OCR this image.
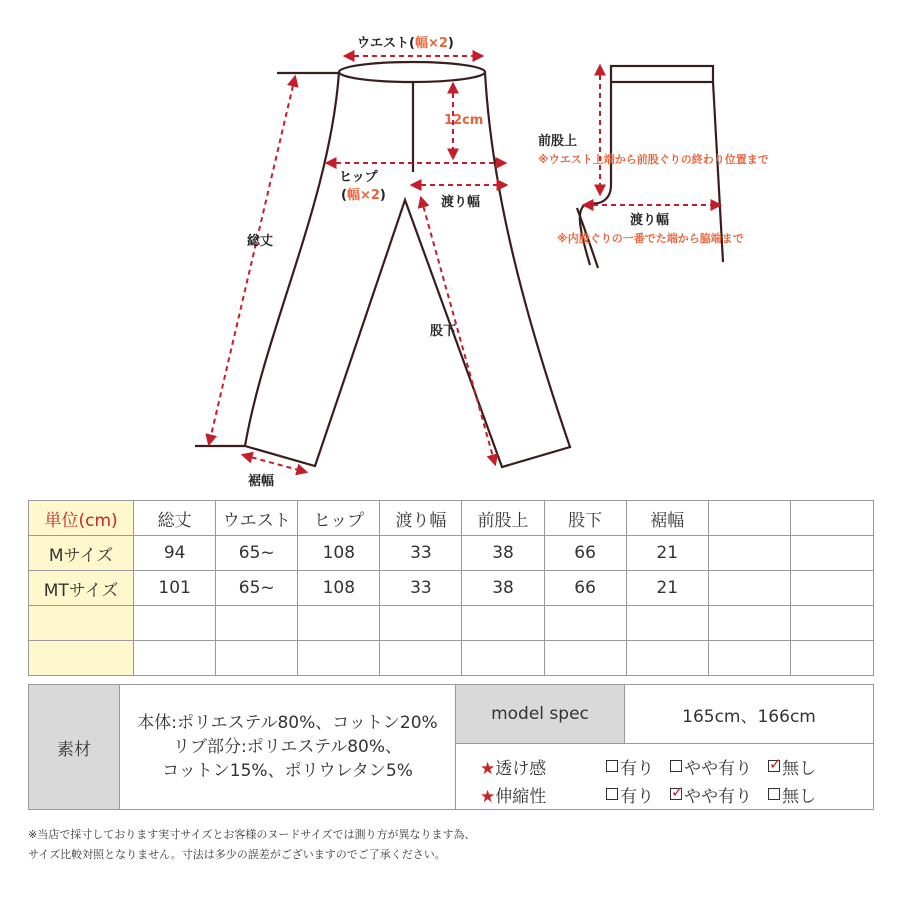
ウエスト(幅×2)
12cm
ヒップ
(幅×2)	渡り幅
総丈
股下
裾幅
前股上
※ウエスト上端から前股ぐりの終わり位置まで
渡り幅
※内股ぐりの一番でた端から脇端まで
単位(cm)	総丈	ウエスト	ヒップ	渡り幅	前股上	股下	裾幅		
Mサイズ	94	65~	108	33	38	66	21		
MTサイズ	101	65~	108	33	38	66	21		

素材
本体:ポリエステル80%、コットン20%
リブ部分:ポリエステル80%、
コットン15%、ポリウレタン5%
model spec	165cm、166cm
★透け感	有り やや有り ✓ 無し
★伸縮性	有り ✓ やや有り 無し
※当店で採寸しております実寸サイズとお客様のヌードサイズでは測り方が異なります為、
サイズ比較対照となりません。寸法は多少の誤差がございますのでご了承ください。
